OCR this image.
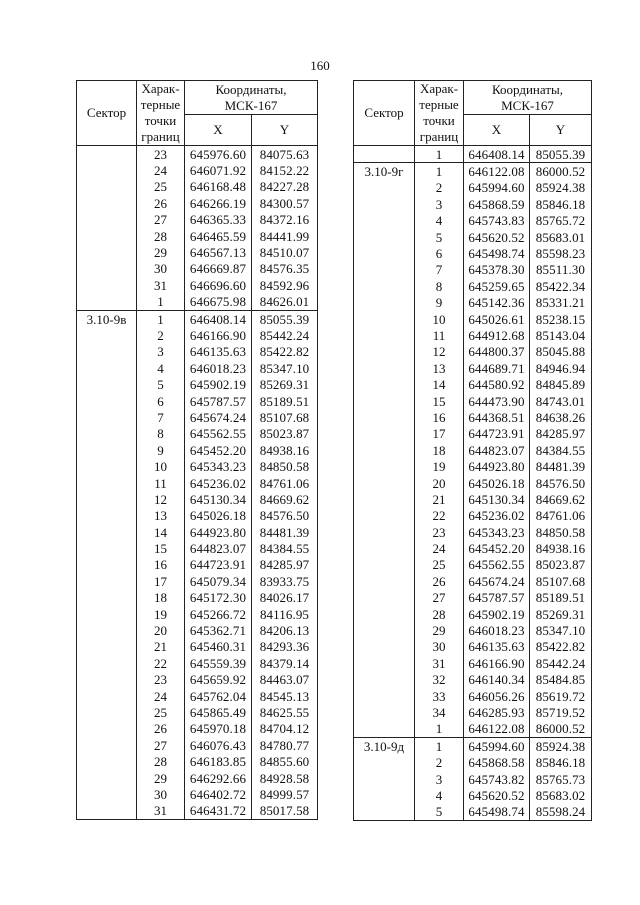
160
Сектор	Харак-
терные
точки
границ	Координаты,
МСК-167	
		X	Y
	23	645976.60	84075.63
	24	646071.92	84152.22
	25	646168.48	84227.28
	26	646266.19	84300.57
	27	646365.33	84372.16
	28	646465.59	84441.99
	29	646567.13	84510.07
	30	646669.87	84576.35
	31	646696.60	84592.96
	1	646675.98	84626.01
3.10-9в	1	646408.14	85055.39
	2	646166.90	85442.24
	3	646135.63	85422.82
	4	646018.23	85347.10
	5	645902.19	85269.31
	6	645787.57	85189.51
	7	645674.24	85107.68
	8	645562.55	85023.87
	9	645452.20	84938.16
	10	645343.23	84850.58
	11	645236.02	84761.06
	12	645130.34	84669.62
	13	645026.18	84576.50
	14	644923.80	84481.39
	15	644823.07	84384.55
	16	644723.91	84285.97
	17	645079.34	83933.75
	18	645172.30	84026.17
	19	645266.72	84116.95
	20	645362.71	84206.13
	21	645460.31	84293.36
	22	645559.39	84379.14
	23	645659.92	84463.07
	24	645762.04	84545.13
	25	645865.49	84625.55
	26	645970.18	84704.12
	27	646076.43	84780.77
	28	646183.85	84855.60
	29	646292.66	84928.58
	30	646402.72	84999.57
	31	646431.72	85017.58
Сектор	Харак-
терные
точки
границ	Координаты,
МСК-167	
		X	Y
	1	646408.14	85055.39
3.10-9г	1	646122.08	86000.52
	2	645994.60	85924.38
	3	645868.59	85846.18
	4	645743.83	85765.72
	5	645620.52	85683.01
	6	645498.74	85598.23
	7	645378.30	85511.30
	8	645259.65	85422.34
	9	645142.36	85331.21
	10	645026.61	85238.15
	11	644912.68	85143.04
	12	644800.37	85045.88
	13	644689.71	84946.94
	14	644580.92	84845.89
	15	644473.90	84743.01
	16	644368.51	84638.26
	17	644723.91	84285.97
	18	644823.07	84384.55
	19	644923.80	84481.39
	20	645026.18	84576.50
	21	645130.34	84669.62
	22	645236.02	84761.06
	23	645343.23	84850.58
	24	645452.20	84938.16
	25	645562.55	85023.87
	26	645674.24	85107.68
	27	645787.57	85189.51
	28	645902.19	85269.31
	29	646018.23	85347.10
	30	646135.63	85422.82
	31	646166.90	85442.24
	32	646140.34	85484.85
	33	646056.26	85619.72
	34	646285.93	85719.52
	1	646122.08	86000.52
3.10-9д	1	645994.60	85924.38
	2	645868.58	85846.18
	3	645743.82	85765.73
	4	645620.52	85683.02
	5	645498.74	85598.24
